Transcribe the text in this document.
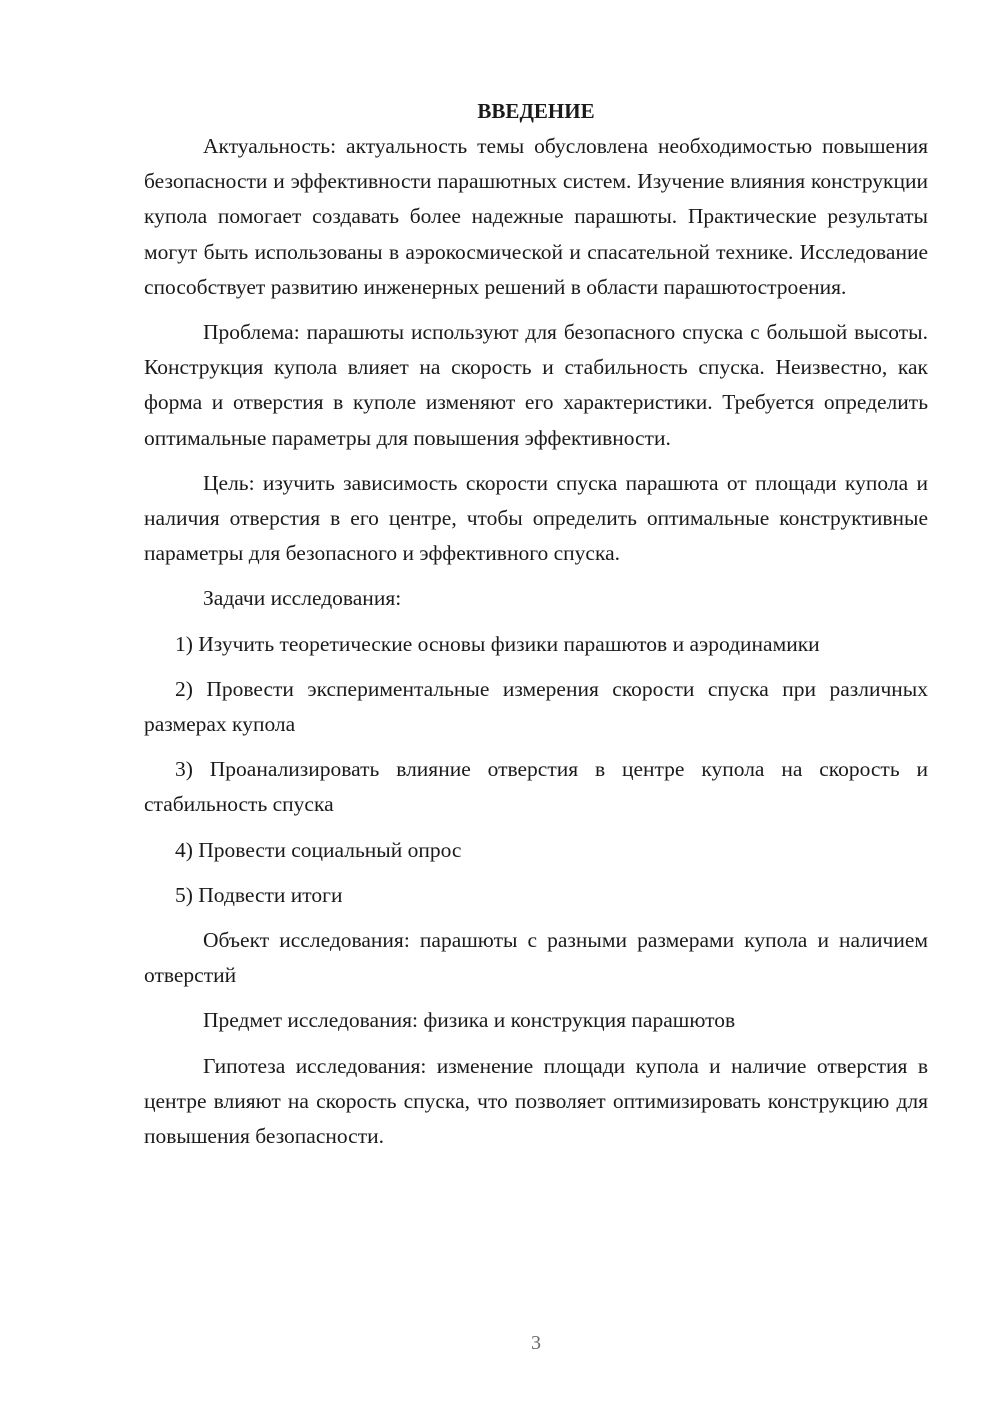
ВВЕДЕНИЕ

Актуальность: актуальность темы обусловлена необходимостью повышения безопасности и эффективности парашютных систем. Изучение влияния конструкции купола помогает создавать более надежные парашюты. Практические результаты могут быть использованы в аэрокосмической и спасательной технике. Исследование способствует развитию инженерных решений в области парашютостроения.

Проблема: парашюты используют для безопасного спуска с большой высоты. Конструкция купола влияет на скорость и стабильность спуска. Неизвестно, как форма и отверстия в куполе изменяют его характеристики. Требуется определить оптимальные параметры для повышения эффективности.

Цель: изучить зависимость скорости спуска парашюта от площади купола и наличия отверстия в его центре, чтобы определить оптимальные конструктивные параметры для безопасного и эффективного спуска.

Задачи исследования:

1) Изучить теоретические основы физики парашютов и аэродинамики

2) Провести экспериментальные измерения скорости спуска при различных размерах купола

3) Проанализировать влияние отверстия в центре купола на скорость и стабильность спуска

4) Провести социальный опрос

5) Подвести итоги

Объект исследования: парашюты с разными размерами купола и наличием отверстий

Предмет исследования: физика и конструкция парашютов

Гипотеза исследования: изменение площади купола и наличие отверстия в центре влияют на скорость спуска, что позволяет оптимизировать конструкцию для повышения безопасности.

3
